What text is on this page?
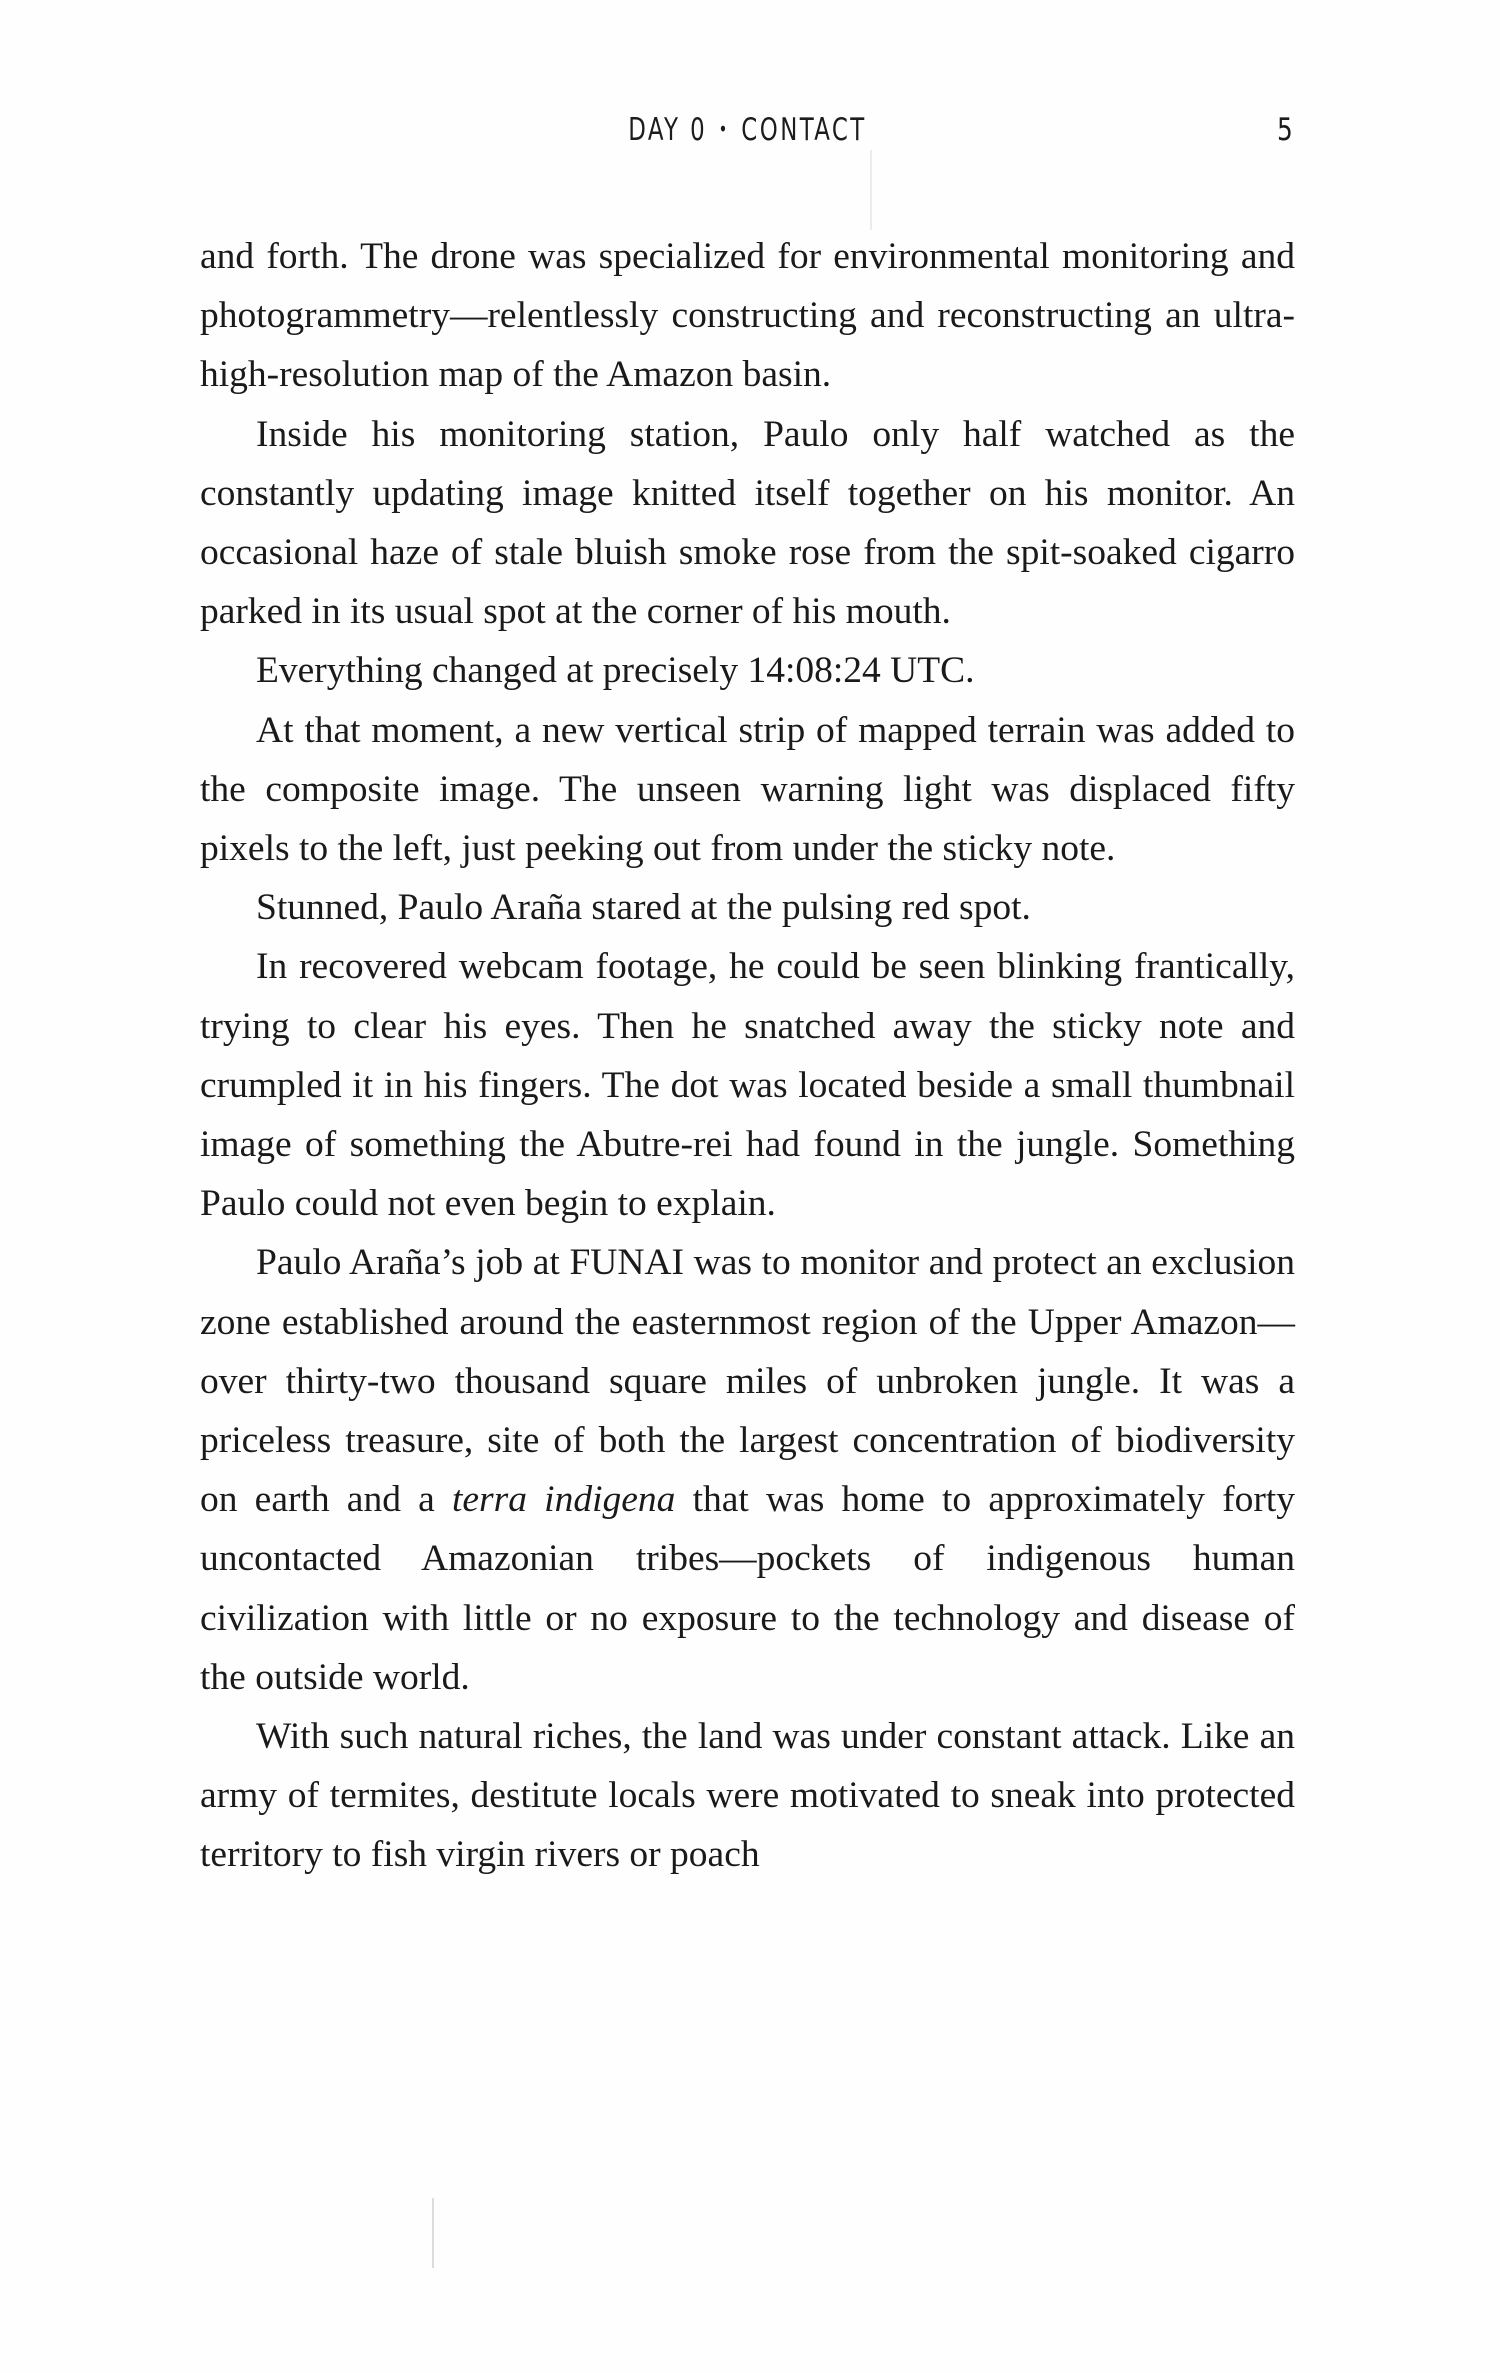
DAY 0 • CONTACT	5

and forth. The drone was specialized for environmental monitoring and photogrammetry—relentlessly constructing and reconstructing an ultra-high-resolution map of the Amazon basin.

Inside his monitoring station, Paulo only half watched as the constantly updating image knitted itself together on his monitor. An occasional haze of stale bluish smoke rose from the spit-soaked cigarro parked in its usual spot at the corner of his mouth.

Everything changed at precisely 14:08:24 UTC.

At that moment, a new vertical strip of mapped terrain was added to the composite image. The unseen warning light was displaced fifty pixels to the left, just peeking out from under the sticky note.

Stunned, Paulo Araña stared at the pulsing red spot.

In recovered webcam footage, he could be seen blinking frantically, trying to clear his eyes. Then he snatched away the sticky note and crumpled it in his fingers. The dot was located beside a small thumbnail image of something the Abutre-rei had found in the jungle. Something Paulo could not even begin to explain.

Paulo Araña’s job at FUNAI was to monitor and protect an exclusion zone established around the easternmost region of the Upper Amazon—over thirty-two thousand square miles of unbroken jungle. It was a priceless treasure, site of both the largest concentration of biodiversity on earth and a terra indigena that was home to approximately forty uncontacted Amazonian tribes—pockets of indigenous human civilization with little or no exposure to the technology and disease of the outside world.

With such natural riches, the land was under constant attack. Like an army of termites, destitute locals were motivated to sneak into protected territory to fish virgin rivers or poach
